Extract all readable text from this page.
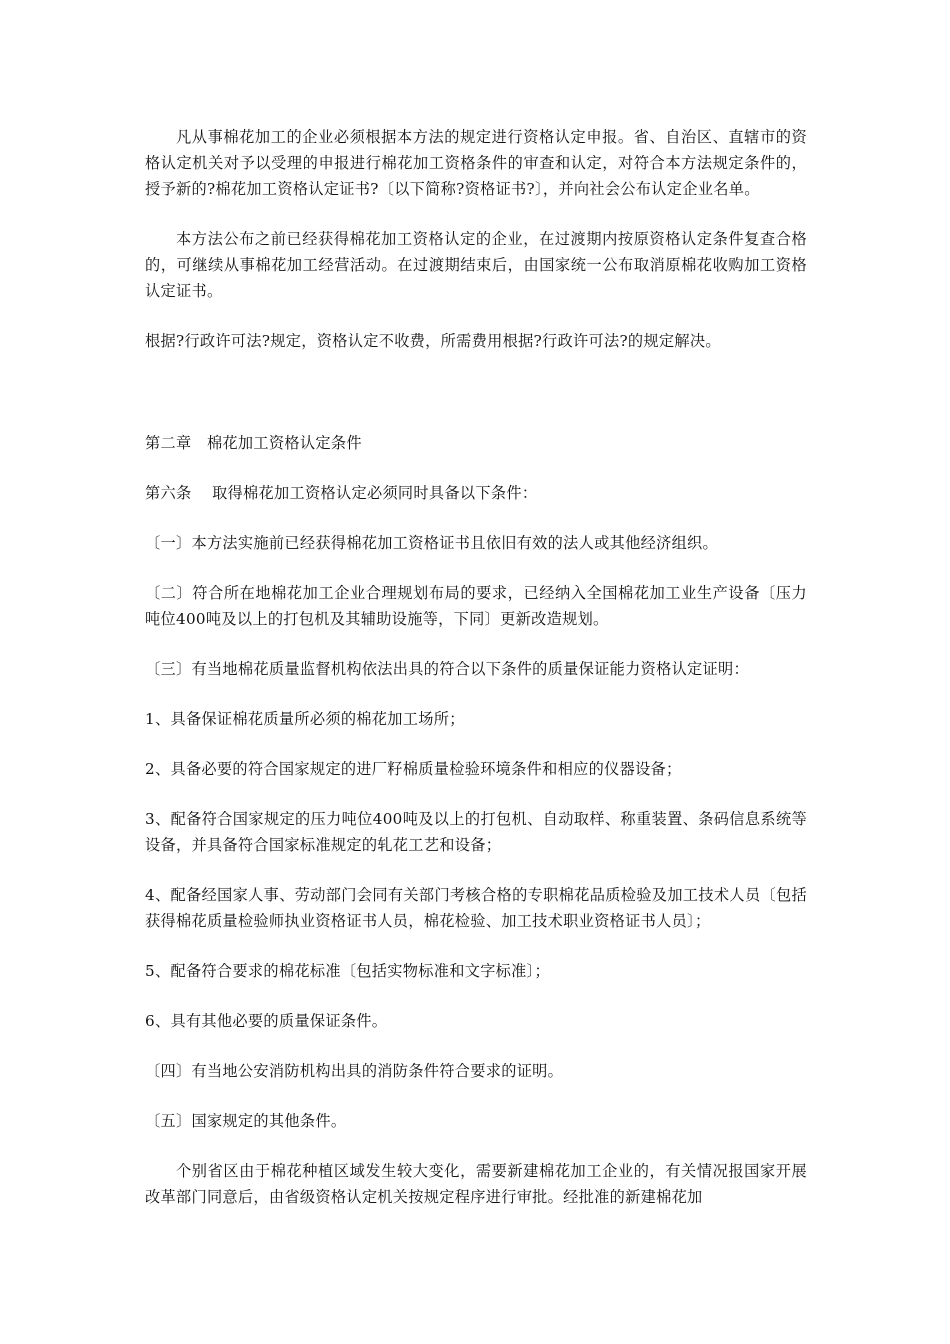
凡从事棉花加工的企业必须根据本方法的规定进行资格认定申报。省、自治区、直辖市的资格认定机关对予以受理的申报进行棉花加工资格条件的审查和认定，对符合本方法规定条件的，授予新的?棉花加工资格认定证书?〔以下简称?资格证书?〕，并向社会公布认定企业名单。

本方法公布之前已经获得棉花加工资格认定的企业，在过渡期内按原资格认定条件复查合格的，可继续从事棉花加工经营活动。在过渡期结束后，由国家统一公布取消原棉花收购加工资格认定证书。

根据?行政许可法?规定，资格认定不收费，所需费用根据?行政许可法?的规定解决。

第二章　棉花加工资格认定条件

第六条　 取得棉花加工资格认定必须同时具备以下条件：

〔一〕本方法实施前已经获得棉花加工资格证书且依旧有效的法人或其他经济组织。

〔二〕符合所在地棉花加工企业合理规划布局的要求，已经纳入全国棉花加工业生产设备〔压力吨位400吨及以上的打包机及其辅助设施等，下同〕更新改造规划。

〔三〕有当地棉花质量监督机构依法出具的符合以下条件的质量保证能力资格认定证明：

1、具备保证棉花质量所必须的棉花加工场所；

2、具备必要的符合国家规定的进厂籽棉质量检验环境条件和相应的仪器设备；

3、配备符合国家规定的压力吨位400吨及以上的打包机、自动取样、称重装置、条码信息系统等设备，并具备符合国家标准规定的轧花工艺和设备；

4、配备经国家人事、劳动部门会同有关部门考核合格的专职棉花品质检验及加工技术人员〔包括获得棉花质量检验师执业资格证书人员，棉花检验、加工技术职业资格证书人员〕；

5、配备符合要求的棉花标准〔包括实物标准和文字标准〕；

6、具有其他必要的质量保证条件。

〔四〕有当地公安消防机构出具的消防条件符合要求的证明。

〔五〕国家规定的其他条件。

个别省区由于棉花种植区域发生较大变化，需要新建棉花加工企业的，有关情况报国家开展改革部门同意后，由省级资格认定机关按规定程序进行审批。经批准的新建棉花加
